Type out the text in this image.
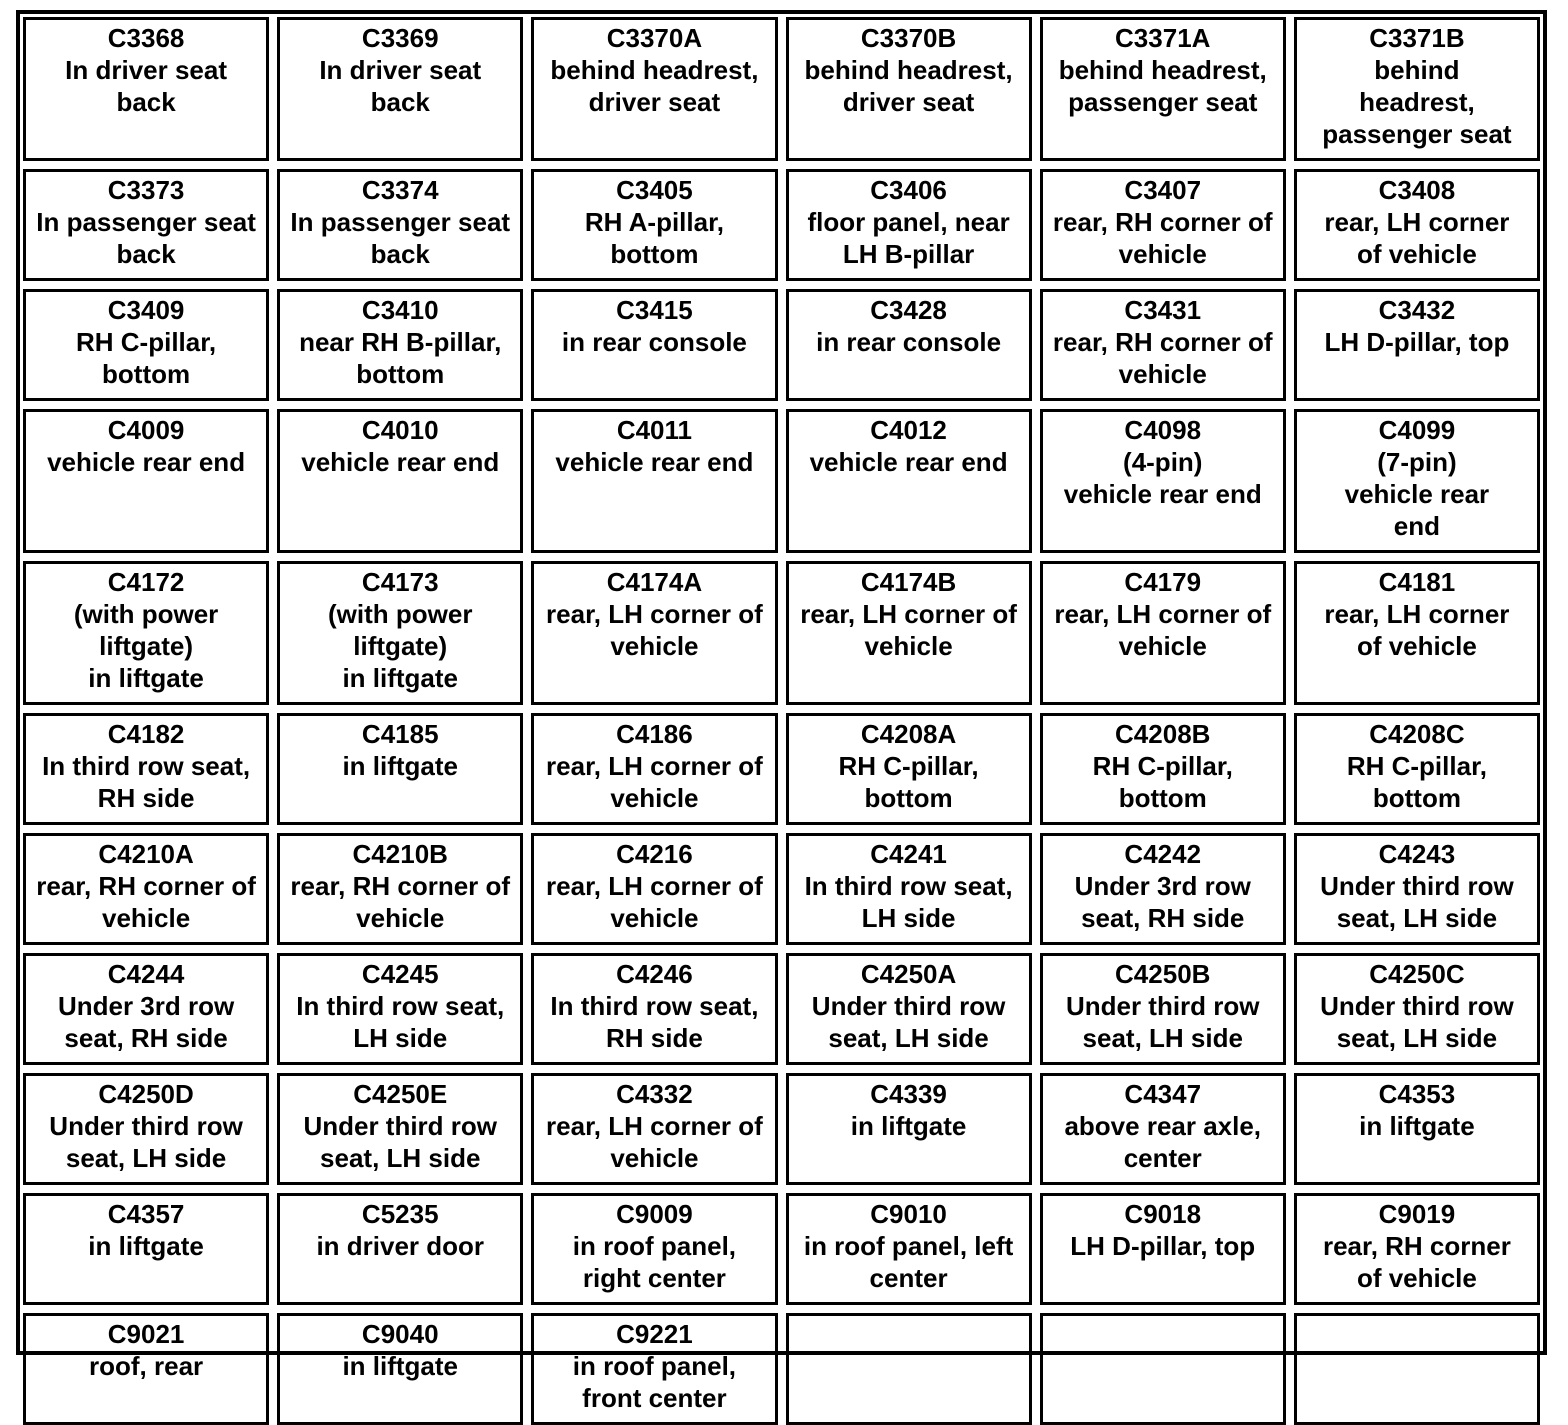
C3368
In driver seat
back
C3369
In driver seat
back
C3370A
behind headrest,
driver seat
C3370B
behind headrest,
driver seat
C3371A
behind headrest,
passenger seat
C3371B
behind
headrest,
passenger seat
C3373
In passenger seat
back
C3374
In passenger seat
back
C3405
RH A-pillar,
bottom
C3406
floor panel, near
LH B-pillar
C3407
rear, RH corner of
vehicle
C3408
rear, LH corner
of vehicle
C3409
RH C-pillar,
bottom
C3410
near RH B-pillar,
bottom
C3415
in rear console
C3428
in rear console
C3431
rear, RH corner of
vehicle
C3432
LH D-pillar, top
C4009
vehicle rear end
C4010
vehicle rear end
C4011
vehicle rear end
C4012
vehicle rear end
C4098
(4-pin)
vehicle rear end
C4099
(7-pin)
vehicle rear
end
C4172
(with power
liftgate)
in liftgate
C4173
(with power
liftgate)
in liftgate
C4174A
rear, LH corner of
vehicle
C4174B
rear, LH corner of
vehicle
C4179
rear, LH corner of
vehicle
C4181
rear, LH corner
of vehicle
C4182
In third row seat,
RH side
C4185
in liftgate
C4186
rear, LH corner of
vehicle
C4208A
RH C-pillar,
bottom
C4208B
RH C-pillar,
bottom
C4208C
RH C-pillar,
bottom
C4210A
rear, RH corner of
vehicle
C4210B
rear, RH corner of
vehicle
C4216
rear, LH corner of
vehicle
C4241
In third row seat,
LH side
C4242
Under 3rd row
seat, RH side
C4243
Under third row
seat, LH side
C4244
Under 3rd row
seat, RH side
C4245
In third row seat,
LH side
C4246
In third row seat,
RH side
C4250A
Under third row
seat, LH side
C4250B
Under third row
seat, LH side
C4250C
Under third row
seat, LH side
C4250D
Under third row
seat, LH side
C4250E
Under third row
seat, LH side
C4332
rear, LH corner of
vehicle
C4339
in liftgate
C4347
above rear axle,
center
C4353
in liftgate
C4357
in liftgate
C5235
in driver door
C9009
in roof panel,
right center
C9010
in roof panel, left
center
C9018
LH D-pillar, top
C9019
rear, RH corner
of vehicle
C9021
roof, rear
C9040
in liftgate
C9221
in roof panel,
front center
